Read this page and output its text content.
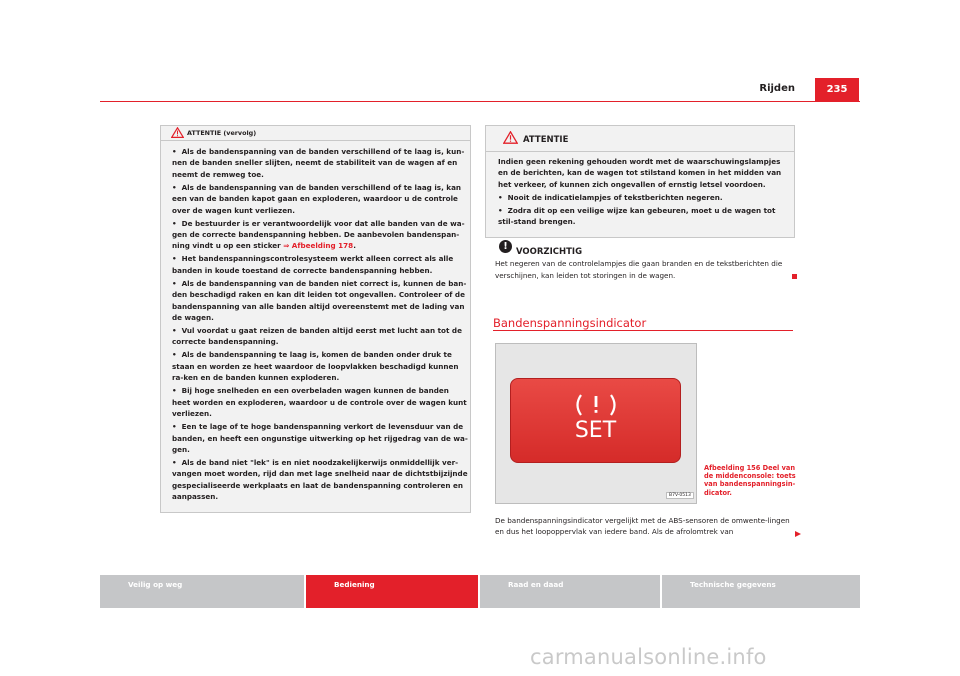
Rijden	235
ATTENTIE (vervolg)

•  Als de bandenspanning van de banden verschillend of te laag is, kun-nen de banden sneller slijten, neemt de stabiliteit van de wagen af en neemt de remweg toe.

•  Als de bandenspanning van de banden verschillend of te laag is, kan een van de banden kapot gaan en exploderen, waardoor u de controle over de wagen kunt verliezen.

•  De bestuurder is er verantwoordelijk voor dat alle banden van de wa-gen de correcte bandenspanning hebben. De aanbevolen bandenspan-ning vindt u op een sticker ⇒ Afbeelding 178.

•  Het bandenspanningscontrolesysteem werkt alleen correct als alle banden in koude toestand de correcte bandenspanning hebben.

•  Als de bandenspanning van de banden niet correct is, kunnen de ban-den beschadigd raken en kan dit leiden tot ongevallen. Controleer of de bandenspanning van alle banden altijd overeenstemt met de lading van de wagen.

•  Vul voordat u gaat reizen de banden altijd eerst met lucht aan tot de correcte bandenspanning.

•  Als de bandenspanning te laag is, komen de banden onder druk te staan en worden ze heet waardoor de loopvlakken beschadigd kunnen ra-ken en de banden kunnen exploderen.

•  Bij hoge snelheden en een overbeladen wagen kunnen de banden heet worden en exploderen, waardoor u de controle over de wagen kunt verliezen.

•  Een te lage of te hoge bandenspanning verkort de levensduur van de banden, en heeft een ongunstige uitwerking op het rijgedrag van de wa-gen.

•  Als de band niet "lek" is en niet noodzakelijkerwijs onmiddellijk ver-vangen moet worden, rijd dan met lage snelheid naar de dichtstbijzijnde gespecialiseerde werkplaats en laat de bandenspanning controleren en aanpassen.

ATTENTIE

Indien geen rekening gehouden wordt met de waarschuwingslampjes en de berichten, kan de wagen tot stilstand komen in het midden van het verkeer, of kunnen zich ongevallen of ernstig letsel voordoen.

•  Nooit de indicatielampjes of tekstberichten negeren.

•  Zodra dit op een veilige wijze kan gebeuren, moet u de wagen tot stil-stand brengen.

! VOORZICHTIG
Het negeren van de controlelampjes die gaan branden en de tekstberichten die verschijnen, kan leiden tot storingen in de wagen.
Bandenspanningsindicator
SET
B7V-0513
Afbeelding 156 Deel van de middenconsole: toets van bandenspanningsin-dicator.
De bandenspanningsindicator vergelijkt met de ABS-sensoren de omwente-lingen en dus het loopoppervlak van iedere band. Als de afrolomtrek van
Veilig op weg	Bediening	Raad en daad	Technische gegevens
carmanualsonline.info
